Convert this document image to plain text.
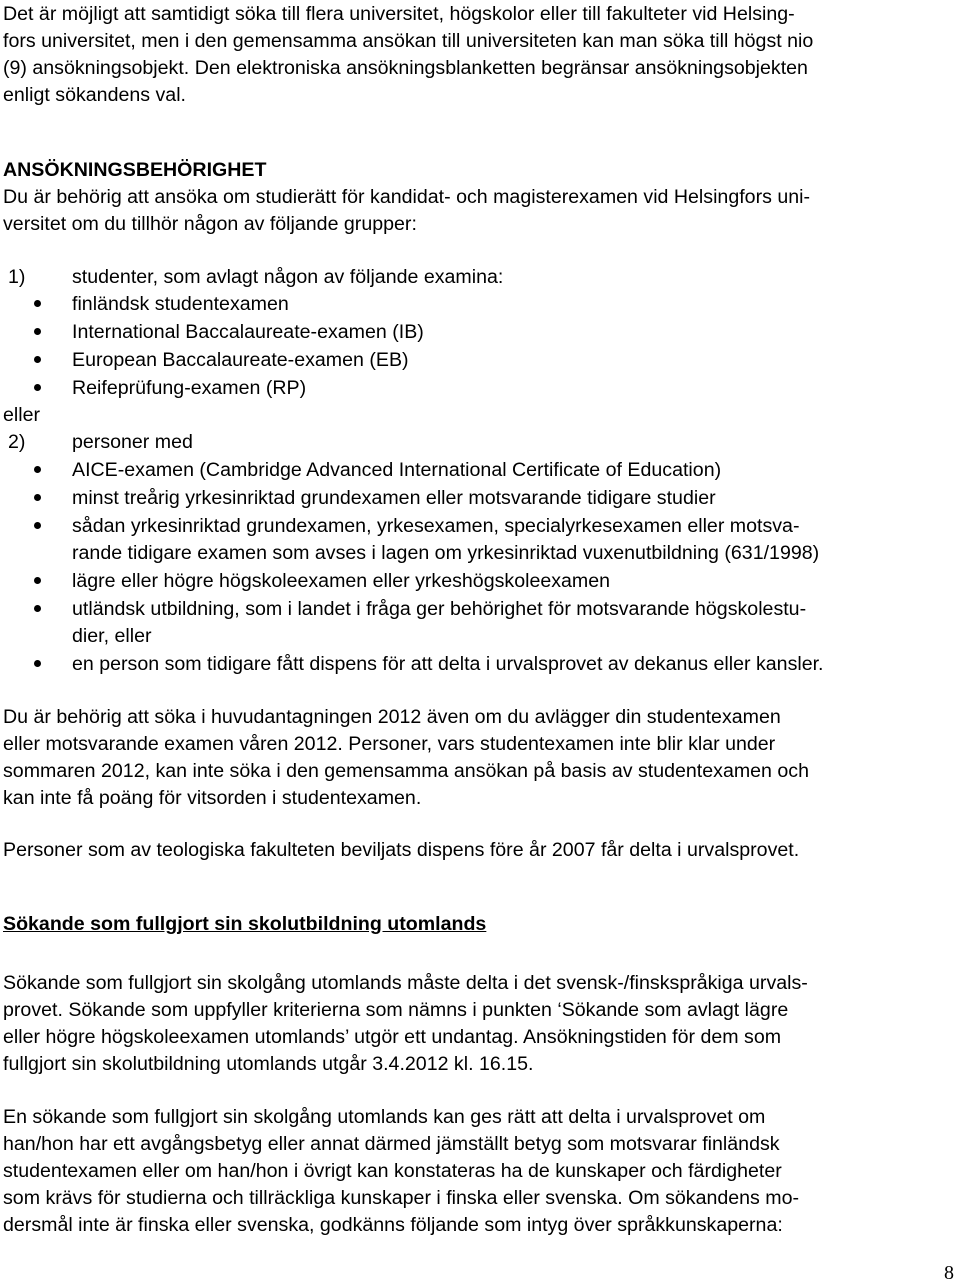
Det är möjligt att samtidigt söka till flera universitet, högskolor eller till fakulteter vid Helsing-
fors universitet, men i den gemensamma ansökan till universiteten kan man söka till högst nio
(9) ansökningsobjekt. Den elektroniska ansökningsblanketten begränsar ansökningsobjekten
enligt sökandens val.
ANSÖKNINGSBEHÖRIGHET
Du är behörig att ansöka om studierätt för kandidat- och magisterexamen vid Helsingfors uni-
versitet om du tillhör någon av följande grupper:
1) studenter, som avlagt någon av följande examina:
finländsk studentexamen
International Baccalaureate-examen (IB)
European Baccalaureate-examen (EB)
Reifeprüfung-examen (RP)
eller
2) personer med
AICE-examen (Cambridge Advanced International Certificate of Education)
minst treårig yrkesinriktad grundexamen eller motsvarande tidigare studier
sådan yrkesinriktad grundexamen, yrkesexamen, specialyrkesexamen eller motsva-
rande tidigare examen som avses i lagen om yrkesinriktad vuxenutbildning (631/1998)
lägre eller högre högskoleexamen eller yrkeshögskoleexamen
utländsk utbildning, som i landet i fråga ger behörighet för motsvarande högskolestu-
dier, eller
en person som tidigare fått dispens för att delta i urvalsprovet av dekanus eller kansler.
Du är behörig att söka i huvudantagningen 2012 även om du avlägger din studentexamen
eller motsvarande examen våren 2012. Personer, vars studentexamen inte blir klar under
sommaren 2012, kan inte söka i den gemensamma ansökan på basis av studentexamen och
kan inte få poäng för vitsorden i studentexamen.
Personer som av teologiska fakulteten beviljats dispens före år 2007 får delta i urvalsprovet.
Sökande som fullgjort sin skolutbildning utomlands
Sökande som fullgjort sin skolgång utomlands måste delta i det svensk-/finskspråkiga urvals-
provet. Sökande som uppfyller kriterierna som nämns i punkten ‘Sökande som avlagt lägre
eller högre högskoleexamen utomlands’ utgör ett undantag. Ansökningstiden för dem som
fullgjort sin skolutbildning utomlands utgår 3.4.2012 kl. 16.15.
En sökande som fullgjort sin skolgång utomlands kan ges rätt att delta i urvalsprovet om
han/hon har ett avgångsbetyg eller annat därmed jämställt betyg som motsvarar finländsk
studentexamen eller om han/hon i övrigt kan konstateras ha de kunskaper och färdigheter
som krävs för studierna och tillräckliga kunskaper i finska eller svenska. Om sökandens mo-
dersmål inte är finska eller svenska, godkänns följande som intyg över språkkunskaperna:
8
